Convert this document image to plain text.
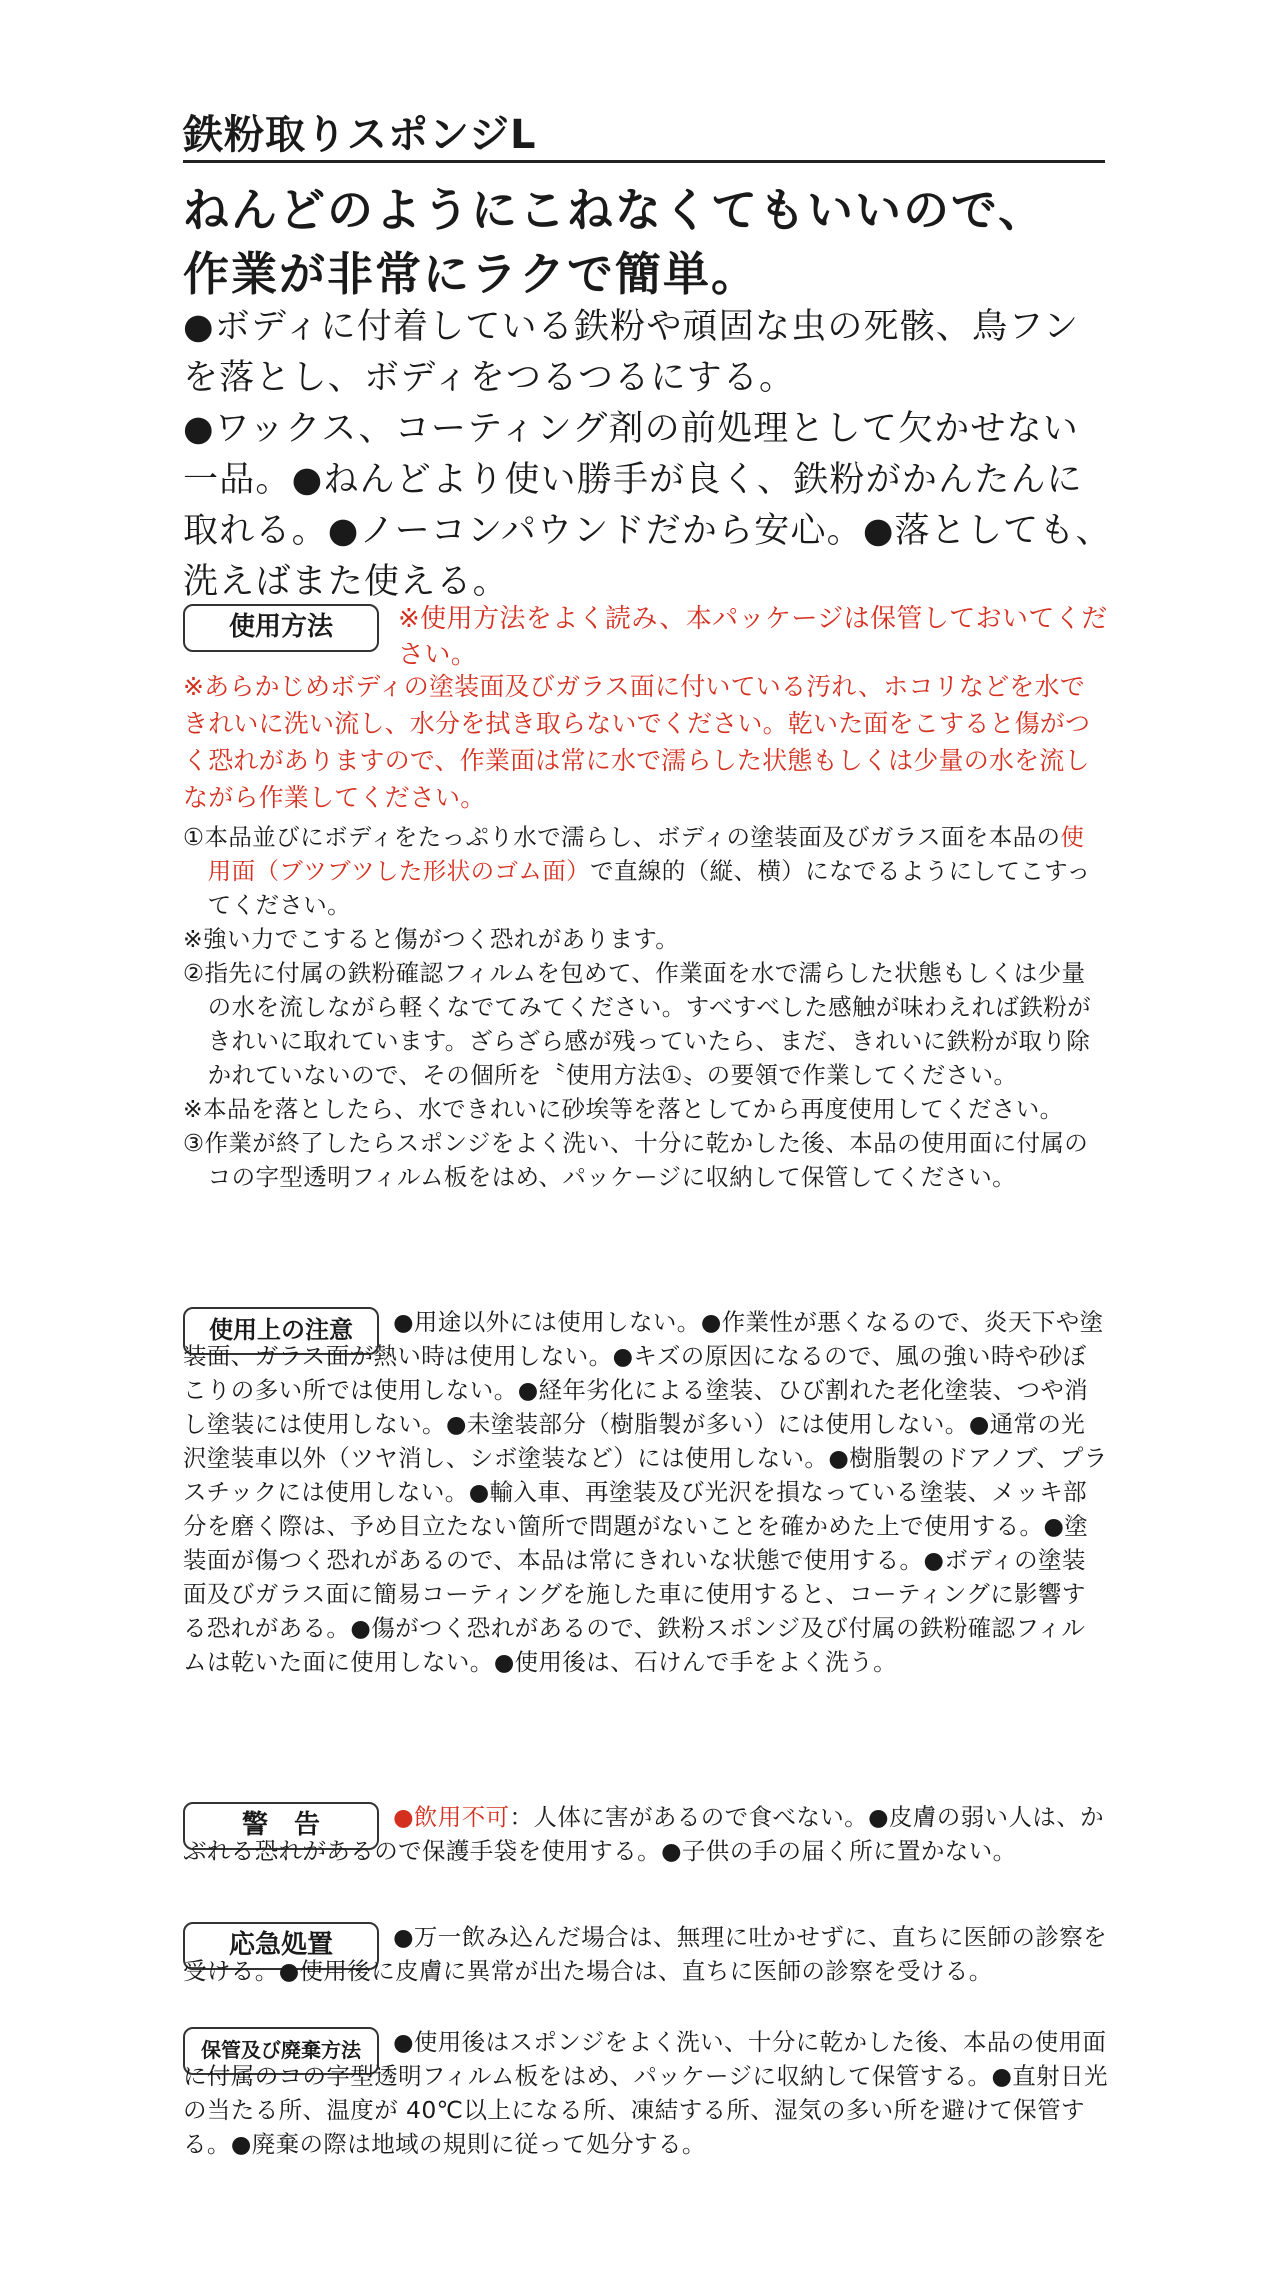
鉄粉取りスポンジL
ねんどのようにこねなくてもいいので、
作業が非常にラクで簡単。

●ボディに付着している鉄粉や頑固な虫の死骸、鳥フンを落とし、ボディをつるつるにする。

●ワックス、コーティング剤の前処理として欠かせない一品。●ねんどより使い勝手が良く、鉄粉がかんたんに取れる。●ノーコンパウンドだから安心。●落としても、洗えばまた使える。

使用方法	※使用方法をよく読み、本パッケージは保管しておいてください。

※あらかじめボディの塗装面及びガラス面に付いている汚れ、ホコリなどを水できれいに洗い流し、水分を拭き取らないでください。乾いた面をこすると傷がつく恐れがありますので、作業面は常に水で濡らした状態もしくは少量の水を流しながら作業してください。

①本品並びにボディをたっぷり水で濡らし、ボディの塗装面及びガラス面を本品の使用面（ブツブツした形状のゴム面）で直線的（縦、横）になでるようにしてこすってください。

※強い力でこすると傷がつく恐れがあります。

②指先に付属の鉄粉確認フィルムを包めて、作業面を水で濡らした状態もしくは少量の水を流しながら軽くなでてみてください。すべすべした感触が味わえれば鉄粉がきれいに取れています。ざらざら感が残っていたら、まだ、きれいに鉄粉が取り除かれていないので、その個所を〝使用方法①〟の要領で作業してください。

※本品を落としたら、水できれいに砂埃等を落としてから再度使用してください。

③作業が終了したらスポンジをよく洗い、十分に乾かした後、本品の使用面に付属のコの字型透明フィルム板をはめ、パッケージに収納して保管してください。

使用上の注意	●用途以外には使用しない。●作業性が悪くなるので、炎天下や塗装面、ガラス面が熱い時は使用しない。●キズの原因になるので、風の強い時や砂ぼこりの多い所では使用しない。●経年劣化による塗装、ひび割れた老化塗装、つや消し塗装には使用しない。●未塗装部分（樹脂製が多い）には使用しない。●通常の光沢塗装車以外（ツヤ消し、シボ塗装など）には使用しない。●樹脂製のドアノブ、プラスチックには使用しない。●輸入車、再塗装及び光沢を損なっている塗装、メッキ部分を磨く際は、予め目立たない箇所で問題がないことを確かめた上で使用する。●塗装面が傷つく恐れがあるので、本品は常にきれいな状態で使用する。●ボディの塗装面及びガラス面に簡易コーティングを施した車に使用すると、コーティングに影響する恐れがある。●傷がつく恐れがあるので、鉄粉スポンジ及び付属の鉄粉確認フィルムは乾いた面に使用しない。●使用後は、石けんで手をよく洗う。

警　告	●飲用不可：人体に害があるので食べない。●皮膚の弱い人は、かぶれる恐れがあるので保護手袋を使用する。●子供の手の届く所に置かない。

応急処置	●万一飲み込んだ場合は、無理に吐かせずに、直ちに医師の診察を受ける。●使用後に皮膚に異常が出た場合は、直ちに医師の診察を受ける。

保管及び廃棄方法	●使用後はスポンジをよく洗い、十分に乾かした後、本品の使用面に付属のコの字型透明フィルム板をはめ、パッケージに収納して保管する。●直射日光の当たる所、温度が 40℃以上になる所、凍結する所、湿気の多い所を避けて保管する。●廃棄の際は地域の規則に従って処分する。
